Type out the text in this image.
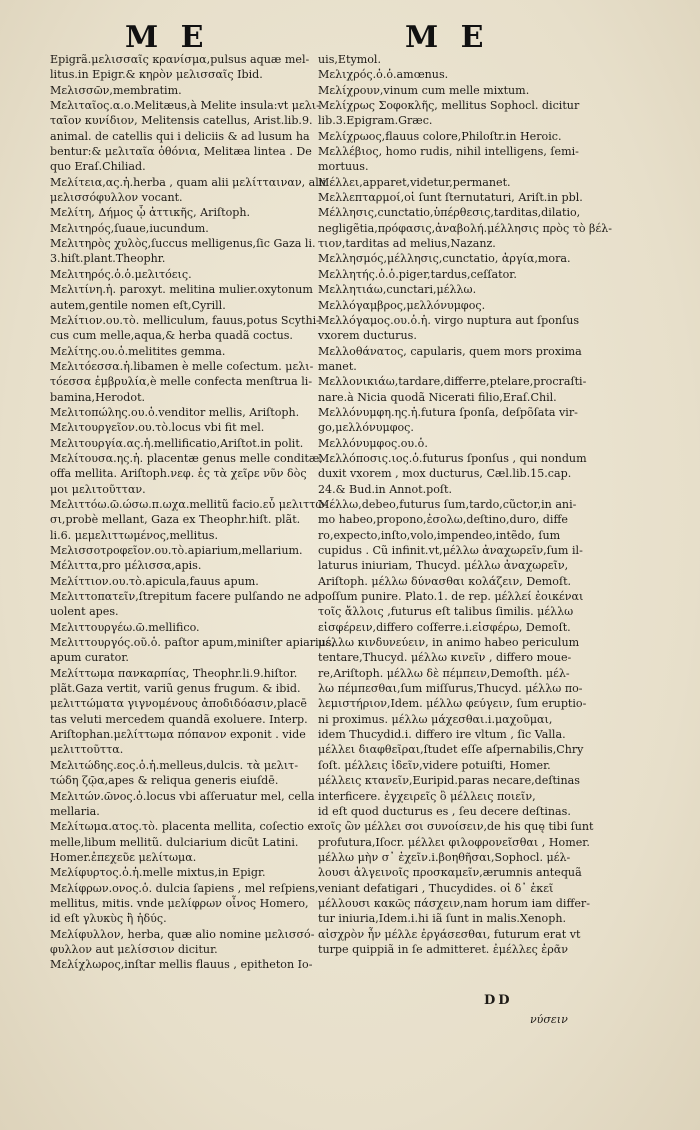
M E	M E
Epigrã.μελισσαῖς κρανίσμα,pulsus aquæ mel-
litus.in Epigr.& κηρὸν μελισσαῖς Ibid.
Μελισσῶν,membratim.
Μελιταῖος.α.ο.Melitæus,à Melite insula:vt μελι-
ταῖον κυνίδιον, Melitensis catellus, Arist.lib.9.
animal. de catellis qui i deliciis & ad lusum ha
bentur:& μελιταῖα ὀθόνια, Melitæa lintea . De
quo Eraſ.Chiliad.
Μελίτεια,ας.ἡ.herba , quam alii μελίτταιναν, alii
μελισσόφυλλον vocant.
Μελίτη, Δήμος ᾧ ἀττικῆς, Ariſtoph.
Μελιτηρός,ſuaue,iucundum.
Μελιτηρὸς χυλὸς,ſuccus melligenus,ſic Gaza li.
3.hiſt.plant.Theophr.
Μελιτηρός.ὁ.ὁ.μελιτόεις.
Μελιτίνη.ἡ. paroxyt. melitina mulier.oxytonum
autem,gentile nomen eſt,Cyrill.
Μελίτιον.ου.τὸ. melliculum, fauus,potus Scythi-
cus cum melle,aqua,& herba quadã coctus.
Μελίτης.ου.ὁ.melitites gemma.
Μελιτόεσσα.ἡ.libamen è melle coſectum. μελι-
τόεσσα ἐμβρυλία,è melle confecta menſtrua li-
bamina,Herodot.
Μελιτοπώλης.ου.ὁ.venditor mellis, Ariſtoph.
Μελιτουργεῖον.ου.τὸ.locus vbi fit mel.
Μελιτουργία.ας.ἡ.mellificatio,Ariſtot.in polit.
Μελίτουσα.ης.ἡ. placentæ genus melle conditæ,
offa mellita. Ariſtoph.νεφ. ἐς τὰ χεῖρε νῦν δὸς
μοι μελιτοῦτταν.
Μελιττόω.ῶ.ώσω.π.ωχα.mellitũ facio.εὖ μελιττῶ-
σι,probè mellant, Gaza ex Theophr.hiſt. plãt.
li.6. μεμελιττωμένος,mellitus.
Μελισσοτροφεῖον.ου.τὸ.apiarium,mellarium.
Μέλιττα,pro μέλισσα,apis.
Μελίττιον.ου.τὸ.apicula,fauus apum.
Μελιττοπατεῖν,ſtrepitum facere pulſando ne ad-
uolent apes.
Μελιττουργέω.ῶ.mellifico.
Μελιττουργός.οῦ.ὁ. paſtor apum,miniſter apiarius,
apum curator.
Μελίττωμα πανκαρπίας, Theophr.li.9.hiſtor.
plãt.Gaza vertit, variũ genus frugum. & ibid.
μελιττώματα γιγνομένους ἀποδιδόασιν,placē
tas veluti mercedem quandã exoluere. Interp.
Ariſtophan.μελίττωμα πόπανον exponit . vide
μελιττοῦττα.
Μελιτώδης.εος.ὁ.ἡ.melleus,dulcis. τὰ μελιτ-
τώδη ζῷα,apes & reliqua generis eiuſdē.
Μελιτών.ῶνος.ὁ.locus vbi aſſeruatur mel, cella
mellaria.
Μελίτωμα.ατος.τὸ. placenta mellita, coſectio ex
melle,libum mellitũ. dulciarium dicũt Latini.
Homer.ἐπεχεῦε μελίτωμα.
Μελίφυρτος.ὁ.ἡ.melle mixtus,in Epigr.
Μελίφρων.ονος.ὁ. dulcia ſapiens , mel reſpiens,
mellitus, mitis. vnde μελίφρων οἶνος Homero,
id eſt γλυκὺς ἢ ἡδύς.
Μελίφυλλον, herba, quæ alio nomine μελισσό-
φυλλον aut μελίσσιον dicitur.
Μελίχλωρος,inſtar mellis flauus , epitheton Io-
uis,Etymol.
Μελιχρός.ὁ.ὁ.amœnus.
Μελίχρουν,vinum cum melle mixtum.
Μελίχρως Σοφοκλῆς, mellitus Sophocl. dicitur
lib.3.Epigram.Græc.
Μελίχρωος,flauus colore,Philoſtr.in Heroic.
Μελλέβιος, homo rudis, nihil intelligens, ſemi-
mortuus.
Μέλλει,apparet,videtur,permanet.
Μελλεπταρμοί,οἱ ſunt ſternutaturi, Ariſt.in pbl.
Μέλλησις,cunctatio,ὑπέρθεσις,tarditas,dilatio,
negligẽtia,πρόφασις,ἀναβολή.μέλλησις πρὸς τὸ βέλ-
τιον,tarditas ad melius,Nazanz.
Μελλησμός,μέλλησις,cunctatio, ἀργία,mora.
Μελλητής.ὁ.ὁ.piger,tardus,ceſſator.
Μελλητιάω,cunctari,μέλλω.
Μελλόγαμβρος,μελλόνυμφος.
Μελλόγαμος.ου.ὁ.ἡ. virgo nuptura aut ſponſus
vxorem ducturus.
Μελλοθάνατος, capularis, quem mors proxima
manet.
Μελλονικιάω,tardare,differre,ptelare,procraſti-
nare.à Nicia quodã Nicerati filio,Eraſ.Chil.
Μελλόνυμφη.ης.ἡ.futura ſponſa, deſpõſata vir-
go,μελλόνυμφος.
Μελλόνυμφος.ου.ὁ.
Μελλόποσις.ιος.ὁ.futurus ſponſus , qui nondum
duxit vxorem , mox ducturus, Cæl.lib.15.cap.
24.& Bud.in Annot.poſt.
Μέλλω,debeo,futurus ſum,tardo,cũctor,in ani-
mo habeo,propono,ἐσολω,deſtino,duro, diffe
ro,expecto,inſto,volo,impendeo,intẽdo, ſum
cupidus . Cũ infinit.vt,μέλλω ἀναχωρεῖν,ſum il-
laturus iniuriam, Thucyd. μέλλω ἀναχωρεῖν,
Ariſtoph. μέλλω δύνασθαι κολάζειν, Demoſt.
poſſum punire. Plato.1. de rep. μέλλεί ἐοικέναι
τοῖς ἄλλοις ,futurus eſt talibus ſimilis. μέλλω
εἰσφέρειν,differo coſferre.i.εἰσφέρω, Demoſt.
μέλλω κινδυνεύειν, in animo habeo periculum
tentare,Thucyd. μέλλω κινεῖν , differo moue-
re,Ariſtoph. μέλλω δὲ πέμπειν,Demoſth. μέλ-
λω πέμπεσθαι,ſum miſſurus,Thucyd. μέλλω πο-
λεμιστήριον,Idem. μέλλω φεύγειν, ſum eruptio-
ni proximus. μέλλω μάχεσθαι.i.μαχοῦμαι,
idem Thucydid.i. differo ire vltum , ſic Valla.
μέλλει διαφθεῖραι,ſtudet eſſe aſpernabilis,Chry
ſoſt. μέλλεις ἰδεῖν,videre potuiſti, Homer.
μέλλεις κτανεῖν,Euripid.paras necare,deſtinas
interficere. ἐγχειρεῖς ὃ μέλλεις ποιεῖν,
id eſt quod ducturus es , ſeu decere deſtinas.
τοῖς ὢν μέλλει σοι συνοίσειν,de his quę tibi ſunt
profutura,Iſocr. μέλλει φιλοφρονεῖσθαι , Homer.
μέλλω μὴν σ᾽ ἐχεῖν.i.βοηθῆσαι,Sophocl. μέλ-
λουσι ἀλγεινοῖς προσκαμεῖν,ærumnis antequã
veniant defatigari , Thucydides. οἱ δ᾽ ἐκεῖ
μέλλουσι κακῶς πάσχειν,nam horum iam differ-
tur iniuria,Idem.i.hi iã ſunt in malis.Xenoph.
αἰσχρὸν ἦν μέλλε ἐργάσεσθαι, futurum erat vt
turpe quippiã in ſe admitteret. ἐμέλλες ἐρᾶν
DD
νύσειν
